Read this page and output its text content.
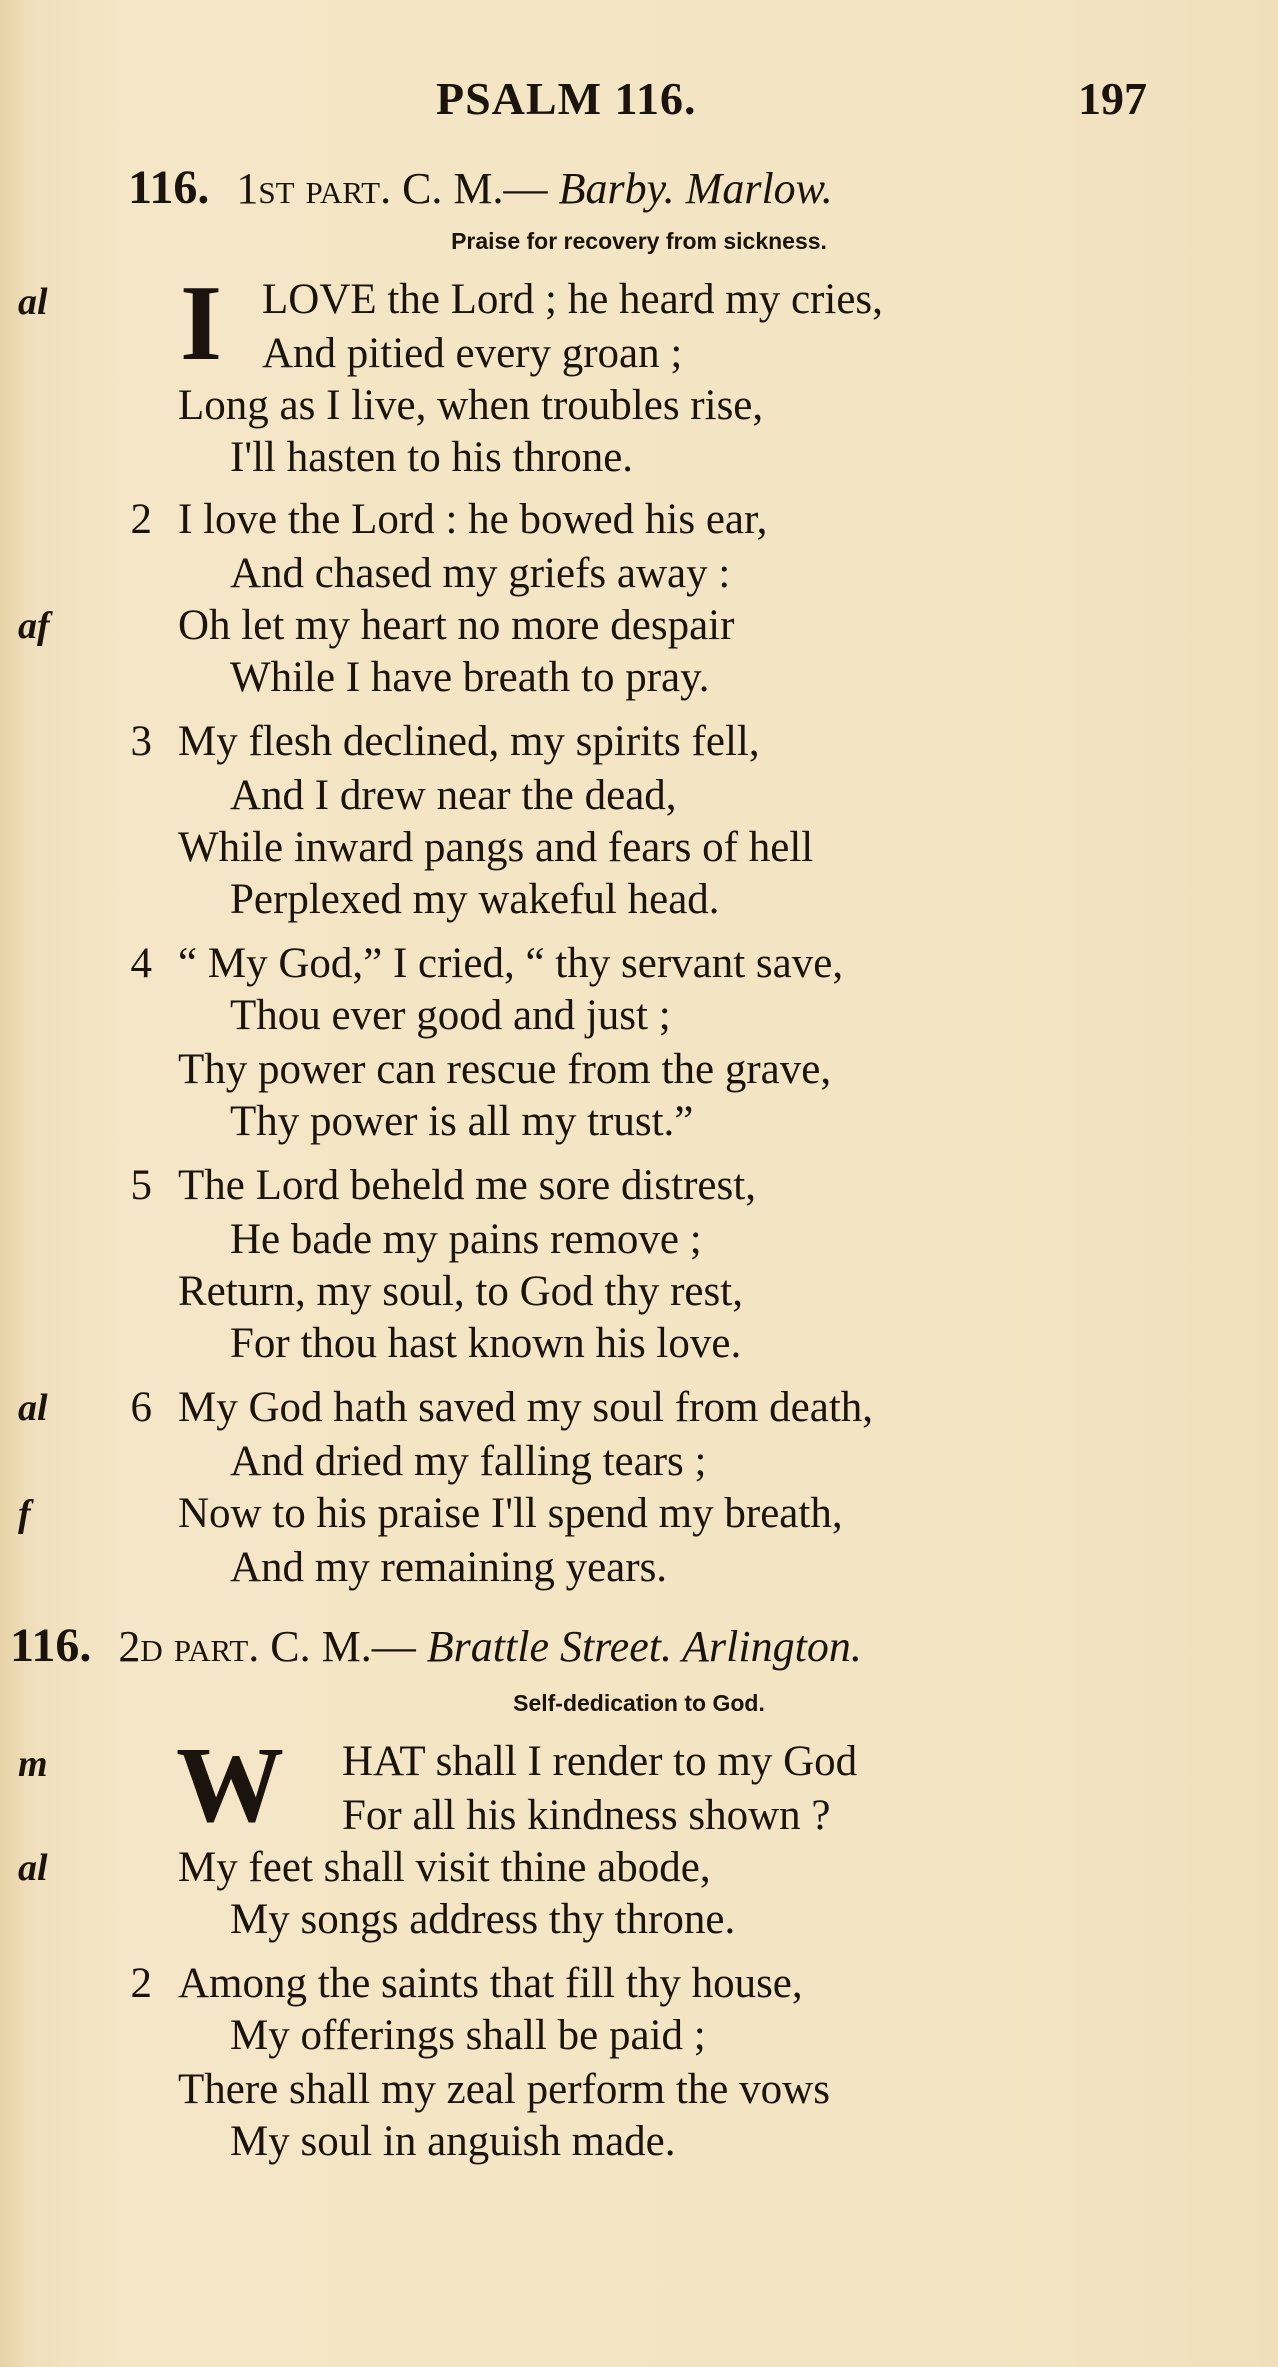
PSALM 116.	197
116. 1st part. C. M.— Barby. Marlow.
Praise for recovery from sickness.
al I LOVE the Lord ; he heard my cries,
And pitied every groan ;
Long as I live, when troubles rise,
I'll hasten to his throne.
2 I love the Lord : he bowed his ear,
And chased my griefs away :
af	Oh let my heart no more despair
While I have breath to pray.
3 My flesh declined, my spirits fell,
And I drew near the dead,
While inward pangs and fears of hell
Perplexed my wakeful head.
4 “ My God,” I cried, “ thy servant save,
Thou ever good and just ;
Thy power can rescue from the grave,
Thy power is all my trust.”
5 The Lord beheld me sore distrest,
He bade my pains remove ;
Return, my soul, to God thy rest,
For thou hast known his love.
al 6 My God hath saved my soul from death,
And dried my falling tears ;
f	Now to his praise I'll spend my breath,
And my remaining years.
116. 2d part. C. M.— Brattle Street. Arlington.
Self-dedication to God.
m W HAT shall I render to my God
For all his kindness shown ?
al	My feet shall visit thine abode,
My songs address thy throne.
2 Among the saints that fill thy house,
My offerings shall be paid ;
There shall my zeal perform the vows
My soul in anguish made.
